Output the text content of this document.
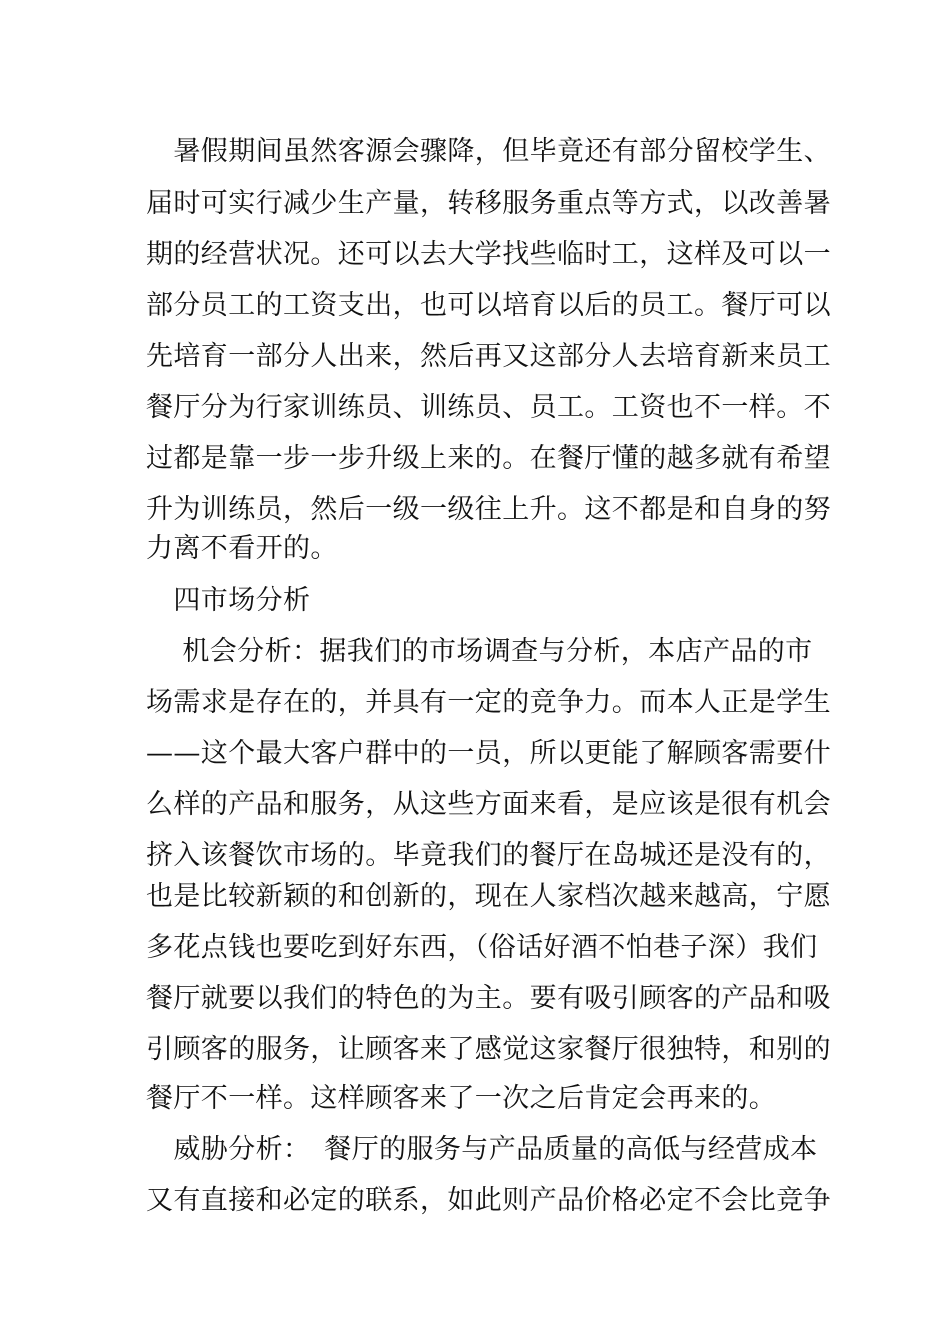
　暑假期间虽然客源会骤降，但毕竟还有部分留校学生、
届时可实行减少生产量，转移服务重点等方式，以改善暑
期的经营状况。还可以去大学找些临时工，这样及可以一
部分员工的工资支出，也可以培育以后的员工。餐厅可以
先培育一部分人出来，然后再又这部分人去培育新来员工
餐厅分为行家训练员、训练员、员工。工资也不一样。不
过都是靠一步一步升级上来的。在餐厅懂的越多就有希望
升为训练员，然后一级一级往上升。这不都是和自身的努
力离不看开的。
　四市场分析
　 机会分析：据我们的市场调查与分析，本店产品的市
场需求是存在的，并具有一定的竞争力。而本人正是学生
——这个最大客户群中的一员，所以更能了解顾客需要什
么样的产品和服务，从这些方面来看，是应该是很有机会
挤入该餐饮市场的。毕竟我们的餐厅在岛城还是没有的，
也是比较新颖的和创新的，现在人家档次越来越高，宁愿
多花点钱也要吃到好东西，（俗话好酒不怕巷子深）我们
餐厅就要以我们的特色的为主。要有吸引顾客的产品和吸
引顾客的服务，让顾客来了感觉这家餐厅很独特，和别的
餐厅不一样。这样顾客来了一次之后肯定会再来的。
　威胁分析：　餐厅的服务与产品质量的高低与经营成本
又有直接和必定的联系，如此则产品价格必定不会比竞争
